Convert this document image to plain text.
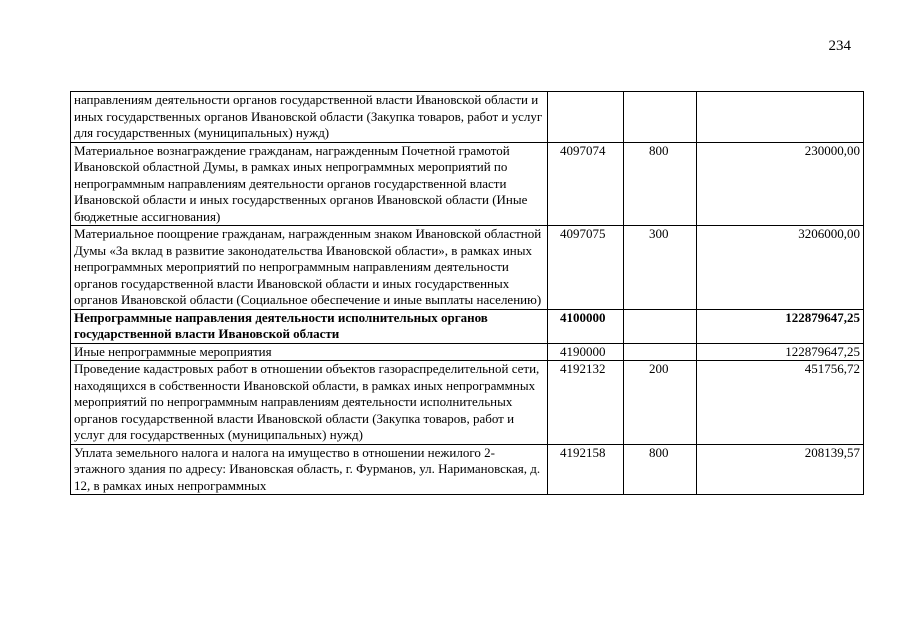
234
направлениям деятельности органов государственной власти Ивановской области и иных государственных органов Ивановской области (Закупка товаров, работ и услуг для государственных (муниципальных) нужд)			
Материальное вознаграждение гражданам, награжденным Почетной грамотой Ивановской областной Думы, в рамках иных непрограммных мероприятий по непрограммным направлениям деятельности органов государственной власти Ивановской области и иных государственных органов Ивановской области (Иные бюджетные ассигнования)	4097074	800	230000,00
Материальное поощрение гражданам, награжденным знаком Ивановской областной Думы «За вклад в развитие законодательства Ивановской области», в рамках иных непрограммных мероприятий по непрограммным направлениям деятельности органов государственной власти Ивановской области и иных государственных органов Ивановской области (Социальное обеспечение и иные выплаты населению)	4097075	300	3206000,00
Непрограммные направления деятельности исполнительных органов государственной власти Ивановской области	4100000		122879647,25
Иные непрограммные мероприятия	4190000		122879647,25
Проведение кадастровых работ в отношении объектов газораспределительной сети, находящихся в собственности Ивановской области, в рамках иных непрограммных мероприятий по непрограммным направлениям деятельности исполнительных органов государственной власти Ивановской области (Закупка товаров, работ и услуг для государственных (муниципальных) нужд)	4192132	200	451756,72
Уплата земельного налога и налога на имущество в отношении нежилого 2-этажного здания по адресу: Ивановская область, г. Фурманов, ул. Наримановская, д. 12, в рамках иных непрограммных	4192158	800	208139,57
